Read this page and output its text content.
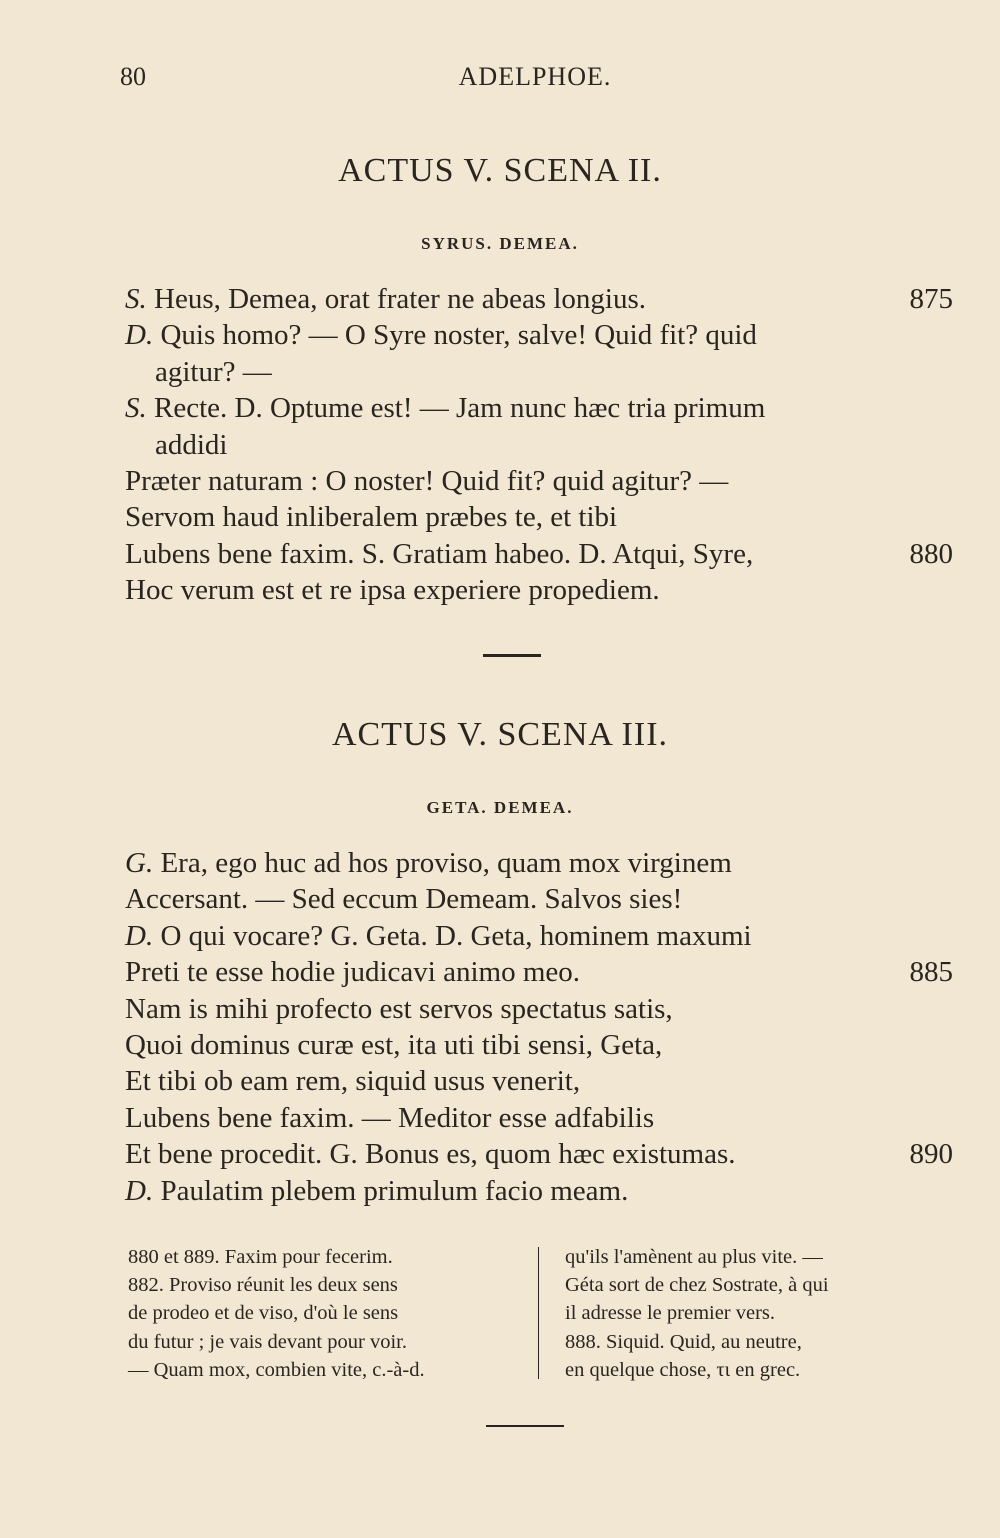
80	ADELPHOE.
ACTUS V. SCENA II.
SYRUS. DEMEA.
S. Heus, Demea, orat frater ne abeas longius.	875
D. Quis homo? — O Syre noster, salve! Quid fit? quid
agitur? —
S. Recte. D. Optume est! — Jam nunc hæc tria primum
addidi
Præter naturam : O noster! Quid fit? quid agitur? —
Servom haud inliberalem præbes te, et tibi
Lubens bene faxim. S. Gratiam habeo. D. Atqui, Syre,	880
Hoc verum est et re ipsa experiere propediem.
ACTUS V. SCENA III.
GETA. DEMEA.
G. Era, ego huc ad hos proviso, quam mox virginem
Accersant. — Sed eccum Demeam. Salvos sies!
D. O qui vocare? G. Geta. D. Geta, hominem maxumi
Preti te esse hodie judicavi animo meo.	885
Nam is mihi profecto est servos spectatus satis,
Quoi dominus curæ est, ita uti tibi sensi, Geta,
Et tibi ob eam rem, siquid usus venerit,
Lubens bene faxim. — Meditor esse adfabilis
Et bene procedit. G. Bonus es, quom hæc existumas.	890
D. Paulatim plebem primulum facio meam.
880 et 889. Faxim pour fecerim.
882. Proviso réunit les deux sens
de prodeo et de viso, d'où le sens
du futur ; je vais devant pour voir.
— Quam mox, combien vite, c.-à-d.
qu'ils l'amènent au plus vite. —
Géta sort de chez Sostrate, à qui
il adresse le premier vers.
888. Siquid. Quid, au neutre,
en quelque chose, τι en grec.
